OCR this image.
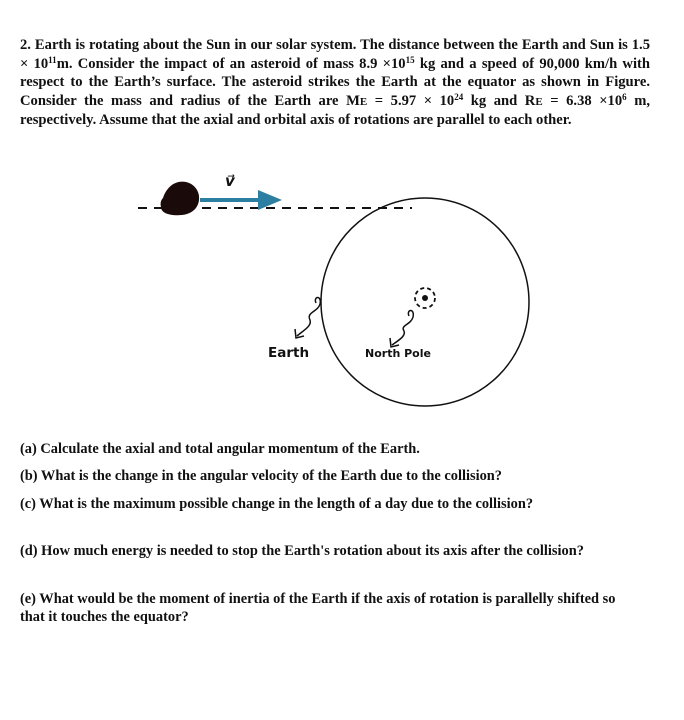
2. Earth is rotating about the Sun in our solar system. The distance between the Earth and Sun is $1.5 \times 10^{11}m$. Consider the impact of an asteroid of mass $8.9 \times 10^{15}$ kg and a speed of 90,000 km/h with respect to the Earth’s surface. The asteroid strikes the Earth at the equator as shown in Figure. Consider the mass and radius of the Earth are ME = $5.97 \times 10^{24}$ kg and RE = $6.38 \times 10^6$ m, respectively. Assume that the axial and orbital axis of rotations are parallel to each other.

v⃗
Earth	North Pole

(a) Calculate the axial and total angular momentum of the Earth.

(b) What is the change in the angular velocity of the Earth due to the collision?

(c) What is the maximum possible change in the length of a day due to the collision?

(d) How much energy is needed to stop the Earth's rotation about its axis after the collision?

(e) What would be the moment of inertia of the Earth if the axis of rotation is parallelly shifted so that it touches the equator?
